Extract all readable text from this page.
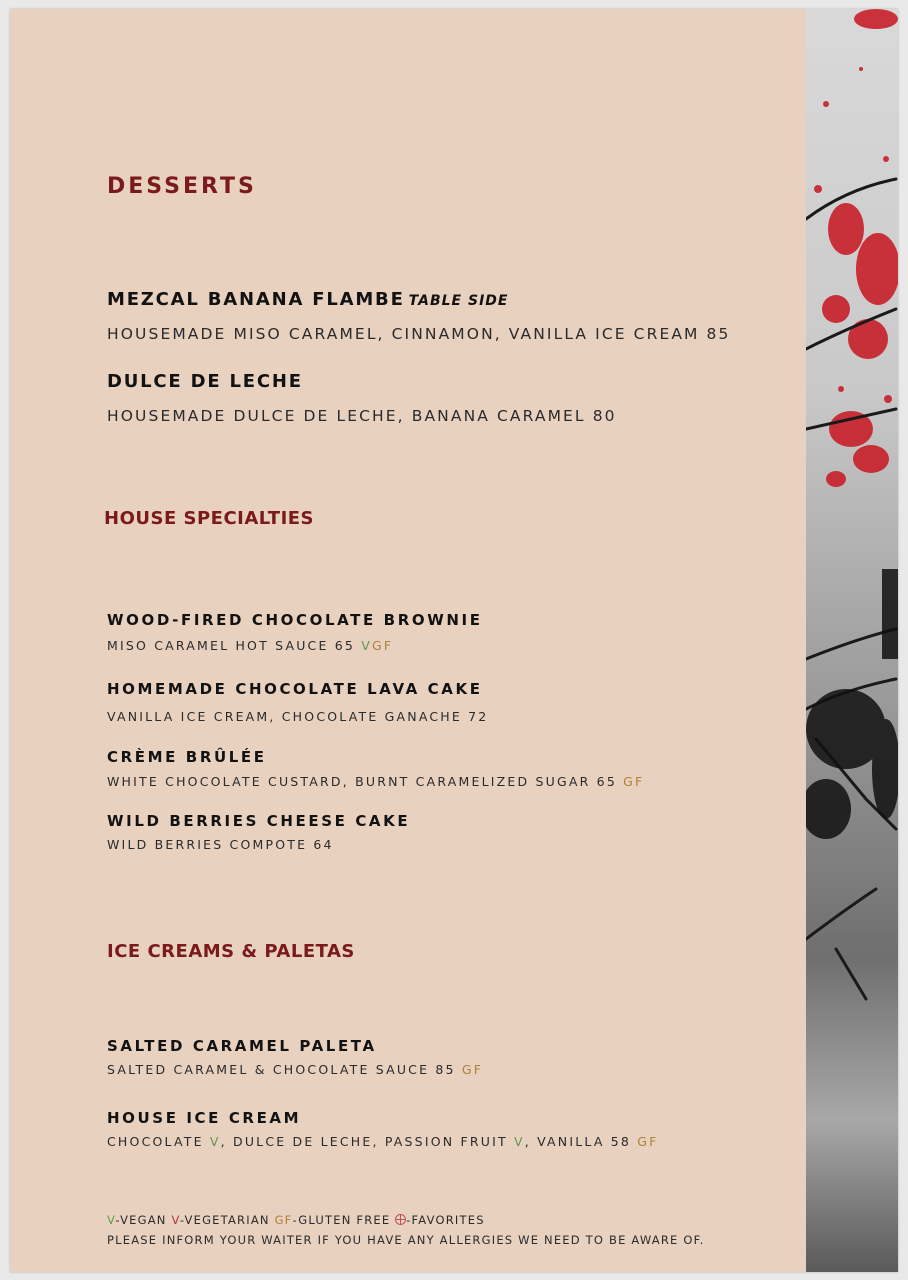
DESSERTS

MEZCAL BANANA FLAMBE TABLE SIDE

HOUSEMADE MISO CARAMEL, CINNAMON, VANILLA ICE CREAM 85

DULCE DE LECHE

HOUSEMADE DULCE DE LECHE, BANANA CARAMEL 80

HOUSE SPECIALTIES

WOOD-FIRED CHOCOLATE BROWNIE

MISO CARAMEL HOT SAUCE 65 VGF

HOMEMADE CHOCOLATE LAVA CAKE

VANILLA ICE CREAM, CHOCOLATE GANACHE 72

CRÈME BRÛLÉE

WHITE CHOCOLATE CUSTARD, BURNT CARAMELIZED SUGAR 65 GF

WILD BERRIES CHEESE CAKE

WILD BERRIES COMPOTE 64

ICE CREAMS & PALETAS

SALTED CARAMEL PALETA

SALTED CARAMEL & CHOCOLATE SAUCE 85 GF

HOUSE ICE CREAM

CHOCOLATE V, DULCE DE LECHE, PASSION FRUIT V, VANILLA 58 GF

V-VEGAN V-VEGETARIAN GF-GLUTEN FREE -FAVORITES

PLEASE INFORM YOUR WAITER IF YOU HAVE ANY ALLERGIES WE NEED TO BE AWARE OF.
